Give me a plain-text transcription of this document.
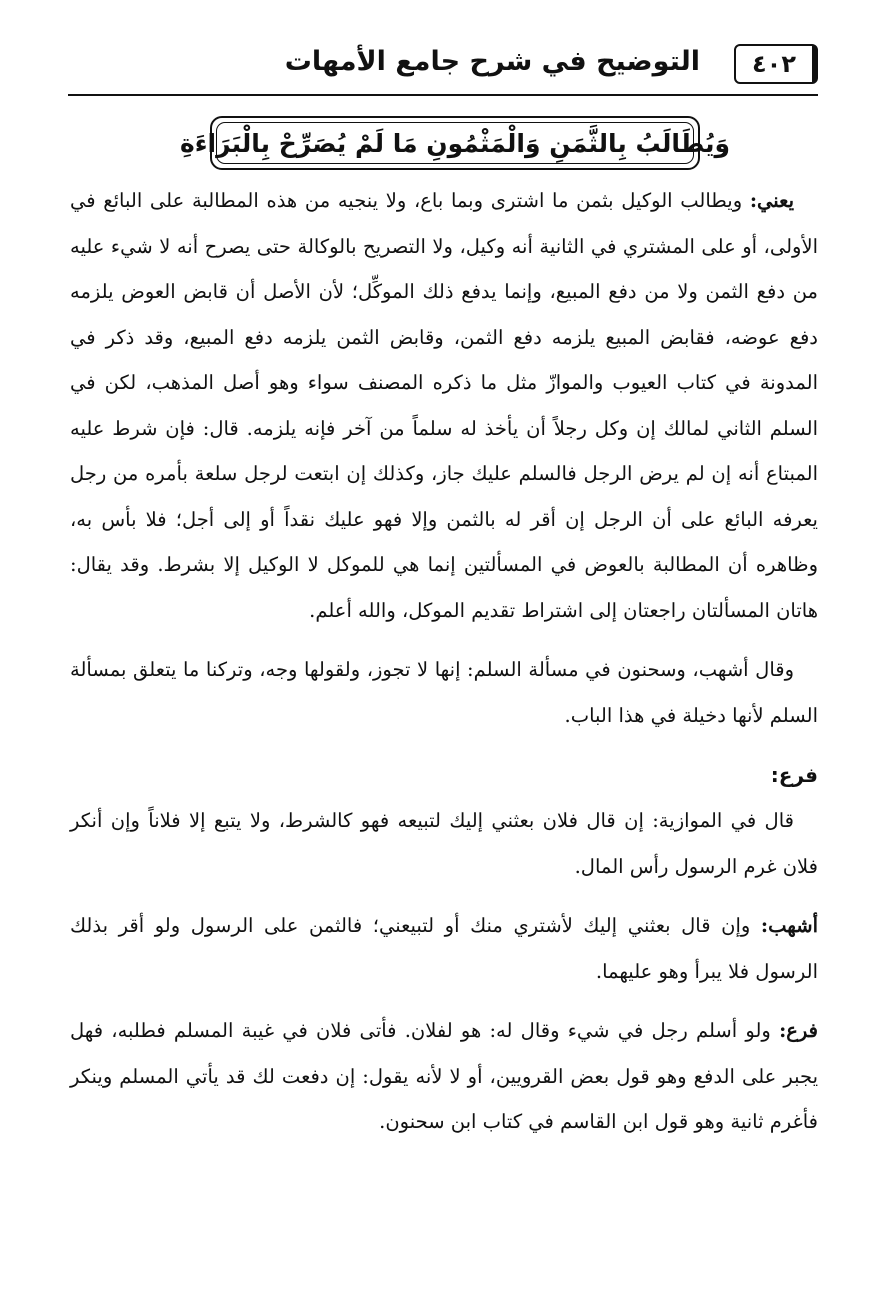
٤٠٢
التوضيح في شرح جامع الأمهات
وَيُطَالَبُ بِالثَّمَنِ وَالْمَثْمُونِ مَا لَمْ يُصَرِّحْ بِالْبَرَاءَةِ

يعني: ويطالب الوكيل بثمن ما اشترى وبما باع، ولا ينجيه من هذه المطالبة على البائع في الأولى، أو على المشتري في الثانية أنه وكيل، ولا التصريح بالوكالة حتى يصرح أنه لا شيء عليه من دفع الثمن ولا من دفع المبيع، وإنما يدفع ذلك الموكِّل؛ لأن الأصل أن قابض العوض يلزمه دفع عوضه، فقابض المبيع يلزمه دفع الثمن، وقابض الثمن يلزمه دفع المبيع، وقد ذكر في المدونة في كتاب العيوب والموازّ مثل ما ذكره المصنف سواء وهو أصل المذهب، لكن في السلم الثاني لمالك إن وكل رجلاً أن يأخذ له سلماً من آخر فإنه يلزمه. قال: فإن شرط عليه المبتاع أنه إن لم يرض الرجل فالسلم عليك جاز، وكذلك إن ابتعت لرجل سلعة بأمره من رجل يعرفه البائع على أن الرجل إن أقر له بالثمن وإلا فهو عليك نقداً أو إلى أجل؛ فلا بأس به، وظاهره أن المطالبة بالعوض في المسألتين إنما هي للموكل لا الوكيل إلا بشرط. وقد يقال: هاتان المسألتان راجعتان إلى اشتراط تقديم الموكل، والله أعلم.

وقال أشهب، وسحنون في مسألة السلم: إنها لا تجوز، ولقولها وجه، وتركنا ما يتعلق بمسألة السلم لأنها دخيلة في هذا الباب.

فرع:

قال في الموازية: إن قال فلان بعثني إليك لتبيعه فهو كالشرط، ولا يتبع إلا فلاناً وإن أنكر فلان غرم الرسول رأس المال.

أشهب: وإن قال بعثني إليك لأشتري منك أو لتبيعني؛ فالثمن على الرسول ولو أقر بذلك الرسول فلا يبرأ وهو عليهما.

فرع: ولو أسلم رجل في شيء وقال له: هو لفلان. فأتى فلان في غيبة المسلم فطلبه، فهل يجبر على الدفع وهو قول بعض القرويين، أو لا لأنه يقول: إن دفعت لك قد يأتي المسلم وينكر فأغرم ثانية وهو قول ابن القاسم في كتاب ابن سحنون.
